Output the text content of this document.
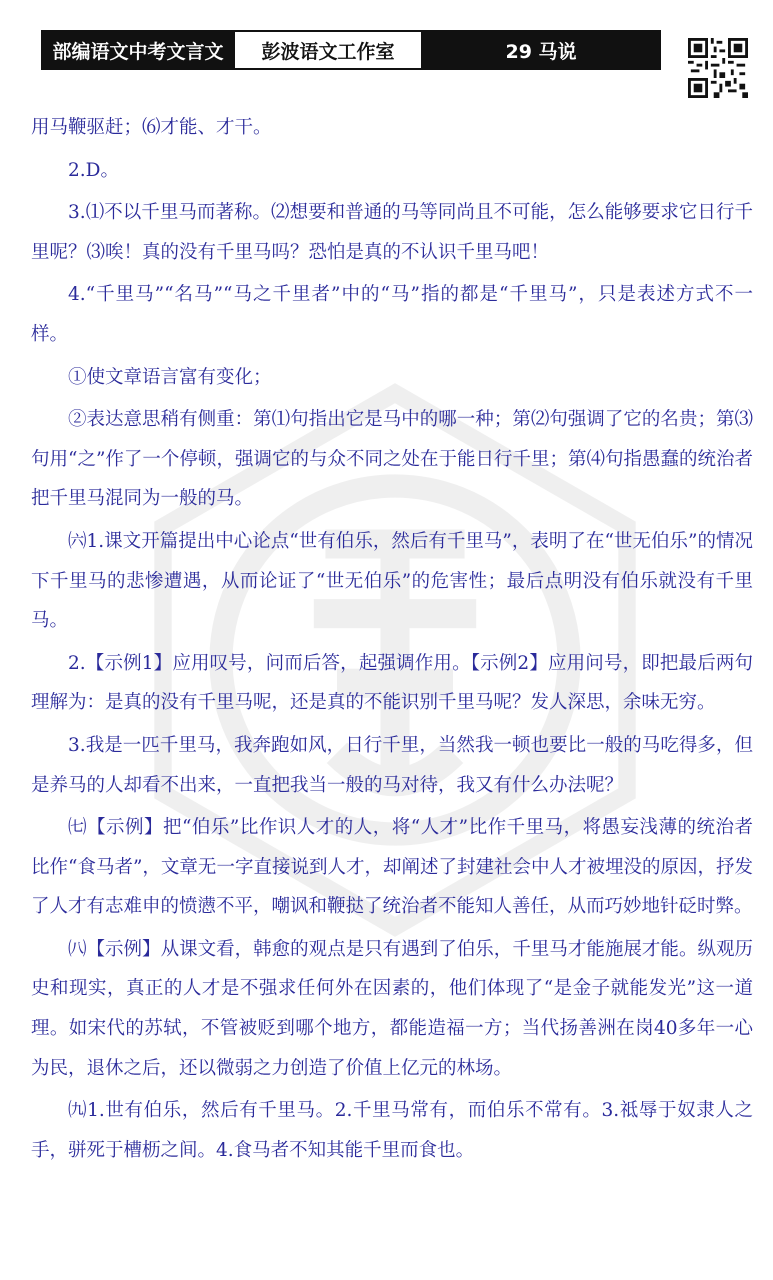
部编语文中考文言文	彭波语文工作室	29 马说

用马鞭驱赶；⑹才能、才干。

2.D。

3.⑴不以千里马而著称。⑵想要和普通的马等同尚且不可能，怎么能够要求它日行千里呢？⑶唉！真的没有千里马吗？恐怕是真的不认识千里马吧！

4.“千里马”“名马”“马之千里者”中的“马”指的都是“千里马”，只是表述方式不一样。

①使文章语言富有变化；

②表达意思稍有侧重：第⑴句指出它是马中的哪一种；第⑵句强调了它的名贵；第⑶句用“之”作了一个停顿，强调它的与众不同之处在于能日行千里；第⑷句指愚蠢的统治者把千里马混同为一般的马。

㈥1.课文开篇提出中心论点“世有伯乐，然后有千里马”，表明了在“世无伯乐”的情况下千里马的悲惨遭遇，从而论证了“世无伯乐”的危害性；最后点明没有伯乐就没有千里马。

2.【示例1】应用叹号，问而后答，起强调作用。【示例2】应用问号，即把最后两句理解为：是真的没有千里马呢，还是真的不能识别千里马呢？发人深思，余味无穷。

3.我是一匹千里马，我奔跑如风，日行千里，当然我一顿也要比一般的马吃得多，但是养马的人却看不出来，一直把我当一般的马对待，我又有什么办法呢？

㈦【示例】把“伯乐”比作识人才的人，将“人才”比作千里马，将愚妄浅薄的统治者比作“食马者”，文章无一字直接说到人才，却阐述了封建社会中人才被埋没的原因，抒发了人才有志难申的愤懑不平，嘲讽和鞭挞了统治者不能知人善任，从而巧妙地针砭时弊。

㈧【示例】从课文看，韩愈的观点是只有遇到了伯乐，千里马才能施展才能。纵观历史和现实，真正的人才是不强求任何外在因素的，他们体现了“是金子就能发光”这一道理。如宋代的苏轼，不管被贬到哪个地方，都能造福一方；当代扬善洲在岗40多年一心为民，退休之后，还以微弱之力创造了价值上亿元的林场。

㈨1.世有伯乐，然后有千里马。2.千里马常有，而伯乐不常有。3.祗辱于奴隶人之手，骈死于槽枥之间。4.食马者不知其能千里而食也。
